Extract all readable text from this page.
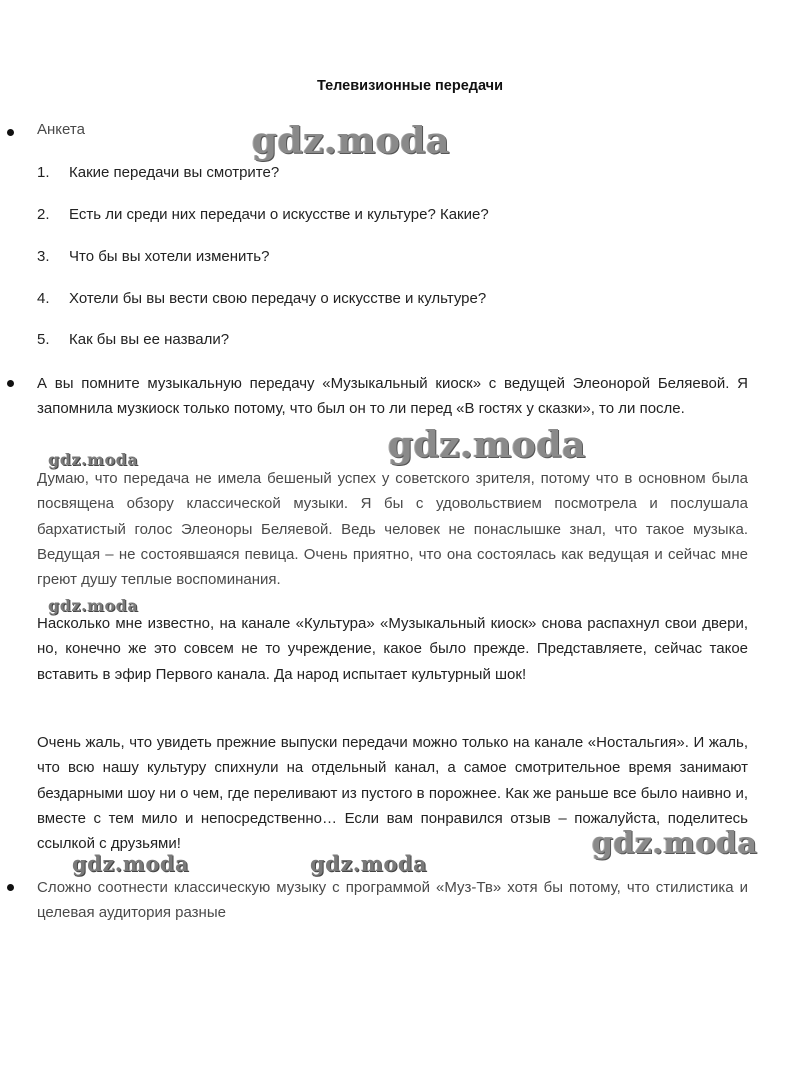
Телевизионные передачи
Анкета
1. Какие передачи вы смотрите?
2. Есть ли среди них передачи о искусстве и культуре? Какие?
3. Что бы вы хотели изменить?
4. Хотели бы вы вести свою передачу о искусстве и культуре?
5. Как бы вы ее назвали?

А вы помните музыкальную передачу «Музыкальный киоск» с ведущей Элеонорой Беляевой. Я запомнила музкиоск только потому, что был он то ли перед «В гостях у сказки», то ли после.

Думаю, что передача не имела бешеный успех у советского зрителя, потому что в основном была посвящена обзору классической музыки. Я бы с удовольствием посмотрела и послушала бархатистый голос Элеоноры Беляевой. Ведь человек не понаслышке знал, что такое музыка. Ведущая – не состоявшаяся певица. Очень приятно, что она состоялась как ведущая и сейчас мне греют душу теплые воспоминания.

Насколько мне известно, на канале «Культура» «Музыкальный киоск» снова распахнул свои двери, но, конечно же это совсем не то учреждение, какое было прежде. Представляете, сейчас такое вставить в эфир Первого канала. Да народ испытает культурный шок!

Очень жаль, что увидеть прежние выпуски передачи можно только на канале «Ностальгия». И жаль, что всю нашу культуру спихнули на отдельный канал, а самое смотрительное время занимают бездарными шоу ни о чем, где переливают из пустого в порожнее. Как же раньше все было наивно и, вместе с тем мило и непосредственно… Если вам понравился отзыв – пожалуйста, поделитесь ссылкой с друзьями!

Сложно соотнести классическую музыку с программой «Муз-Тв» хотя бы потому, что стилистика и целевая аудитория разные

gdz.moda
gdz.moda
gdz.moda
gdz.moda
gdz.moda
gdz.moda	gdz.moda
